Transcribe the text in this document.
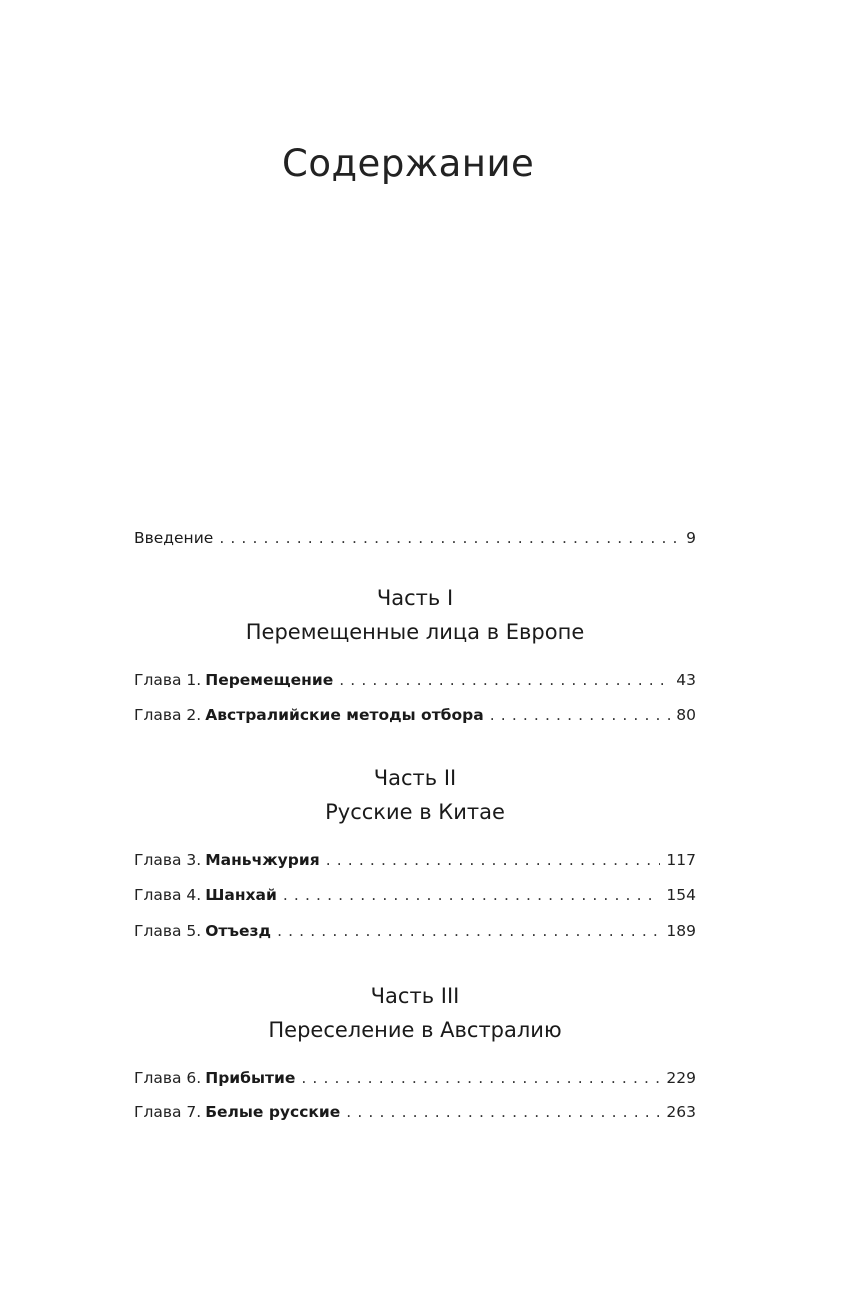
Содержание
Введение . . .	9
Часть I
Перемещенные лица в Европе
Глава 1. Перемещение . . .	43
Глава 2. Австралийские методы отбора . . .	80
Часть II
Русские в Китае
Глава 3. Маньчжурия . . .	117
Глава 4. Шанхай . . .	154
Глава 5. Отъезд . . .	189
Часть III
Переселение в Австралию
Глава 6. Прибытие . . .	229
Глава 7. Белые русские . . .	263
